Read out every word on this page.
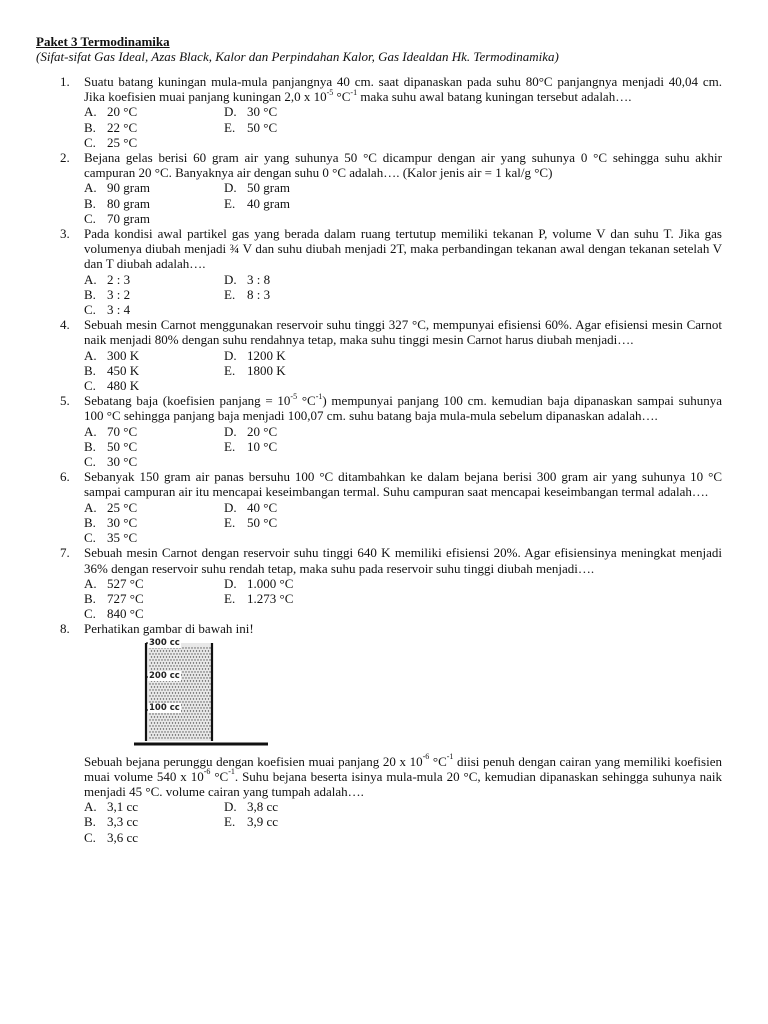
Paket 3 Termodinamika
(Sifat-sifat Gas Ideal, Azas Black, Kalor dan Perpindahan Kalor, Gas Idealdan Hk. Termodinamika)
1. Suatu batang kuningan mula-mula panjangnya 40 cm. saat dipanaskan pada suhu 80°C panjangnya menjadi 40,04 cm. Jika koefisien muai panjang kuningan 2,0 x $10^{-5}$ $^\circ C^{-1}$ maka suhu awal batang kuningan tersebut adalah….
A. 20 °C	D. 30 °C
B. 22 °C	E. 50 °C
C. 25 °C
2. Bejana gelas berisi 60 gram air yang suhunya 50 °C dicampur dengan air yang suhunya 0 °C sehingga suhu akhir campuran 20 °C. Banyaknya air dengan suhu 0 °C adalah…. (Kalor jenis air = 1 kal/g °C)
A. 90 gram	D. 50 gram
B. 80 gram	E. 40 gram
C. 70 gram
3. Pada kondisi awal partikel gas yang berada dalam ruang tertutup memiliki tekanan P, volume V dan suhu T. Jika gas volumenya diubah menjadi ¾ V dan suhu diubah menjadi 2T, maka perbandingan tekanan awal dengan tekanan setelah V dan T diubah adalah….
A. 2 : 3	D. 3 : 8
B. 3 : 2	E. 8 : 3
C. 3 : 4
4. Sebuah mesin Carnot menggunakan reservoir suhu tinggi 327 °C, mempunyai efisiensi 60%. Agar efisiensi mesin Carnot naik menjadi 80% dengan suhu rendahnya tetap, maka suhu tinggi mesin Carnot harus diubah menjadi….
A. 300 K	D. 1200 K
B. 450 K	E. 1800 K
C. 480 K
5. Sebatang baja (koefisien panjang = $10^{-5}$ $^\circ C^{-1}$) mempunyai panjang 100 cm. kemudian baja dipanaskan sampai suhunya 100 °C sehingga panjang baja menjadi 100,07 cm. suhu batang baja mula-mula sebelum dipanaskan adalah….
A. 70 °C	D. 20 °C
B. 50 °C	E. 10 °C
C. 30 °C
6. Sebanyak 150 gram air panas bersuhu 100 °C ditambahkan ke dalam bejana berisi 300 gram air yang suhunya 10 °C sampai campuran air itu mencapai keseimbangan termal. Suhu campuran saat mencapai keseimbangan termal adalah….
A. 25 °C	D. 40 °C
B. 30 °C	E. 50 °C
C. 35 °C
7. Sebuah mesin Carnot dengan reservoir suhu tinggi 640 K memiliki efisiensi 20%. Agar efisiensinya meningkat menjadi 36% dengan reservoir suhu rendah tetap, maka suhu pada reservoir suhu tinggi diubah menjadi….
A. 527 °C	D. 1.000 °C
B. 727 °C	E. 1.273 °C
C. 840 °C
8. Perhatikan gambar di bawah ini!
300 cc
200 cc
100 cc
Sebuah bejana perunggu dengan koefisien muai panjang 20 x $10^{-6}$ $^\circ C^{-1}$ diisi penuh dengan cairan yang memiliki koefisien muai volume 540 x $10^{-6}$ $^\circ C^{-1}$. Suhu bejana beserta isinya mula-mula 20 °C, kemudian dipanaskan sehingga suhunya naik menjadi 45 °C. volume cairan yang tumpah adalah….
A. 3,1 cc	D. 3,8 cc
B. 3,3 cc	E. 3,9 cc
C. 3,6 cc
